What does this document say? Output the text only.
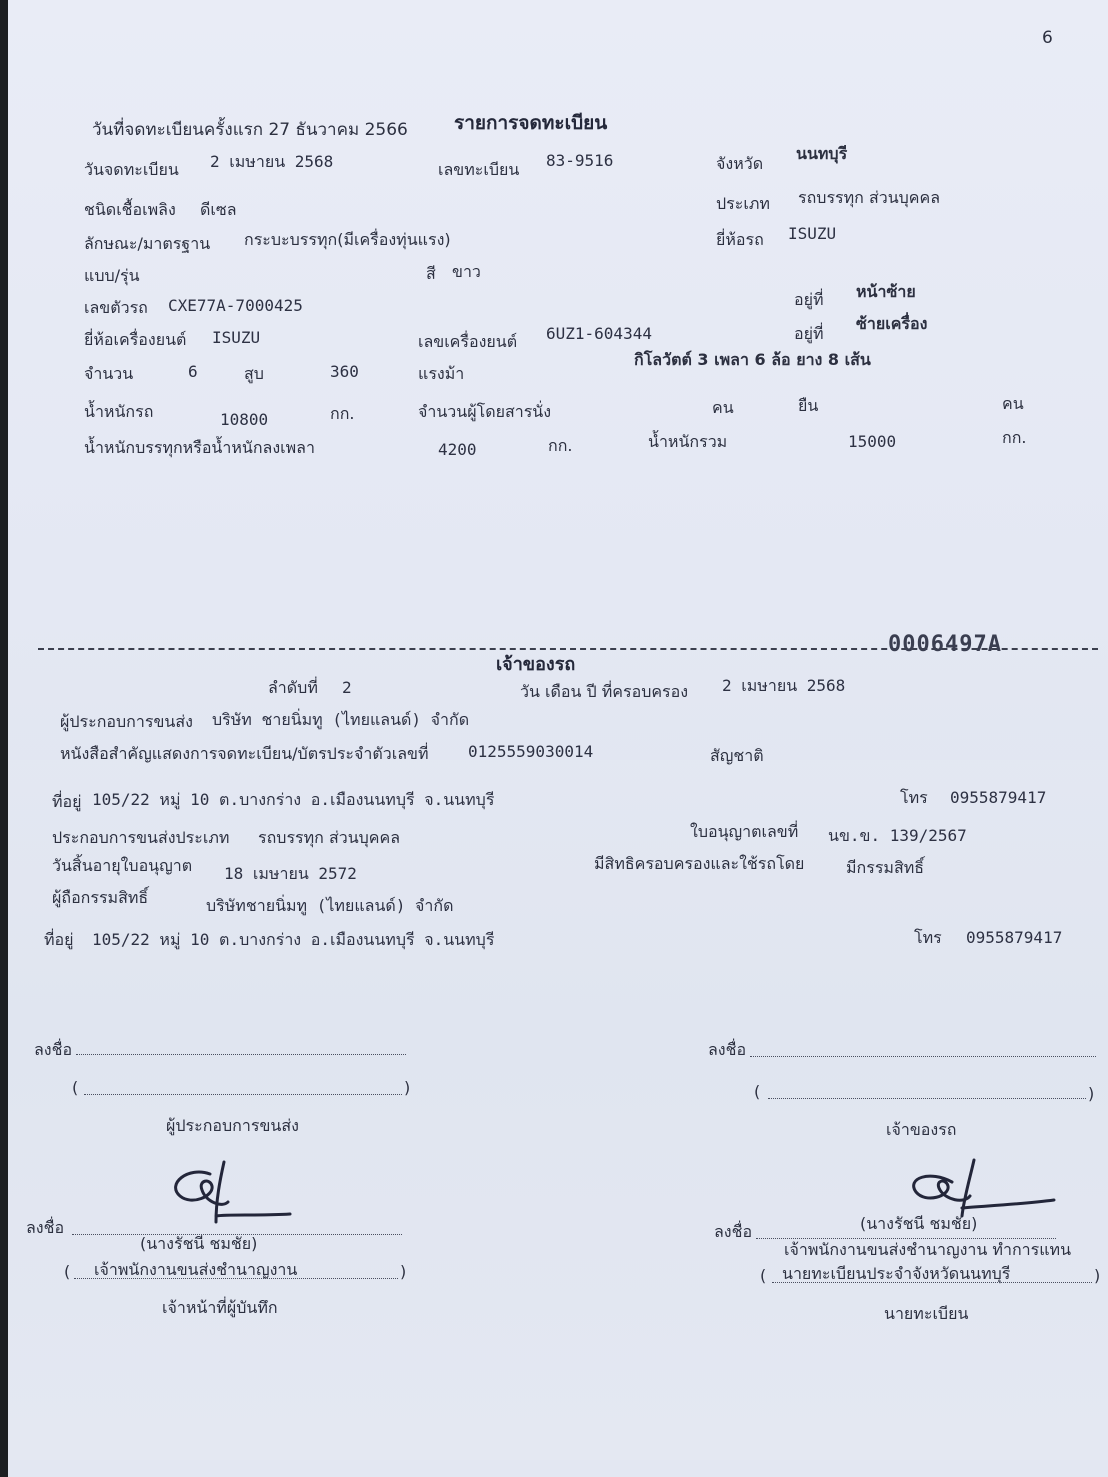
6
วันที่จดทะเบียนครั้งแรก 27 ธันวาคม 2566 รายการจดทะเบียน
วันจดทะเบียน 2 เมษายน 2568	เลขทะเบียน 83-9516	จังหวัด
นนทบุรี
ชนิดเชื้อเพลิง ดีเซล	ประเภท รถบรรทุก ส่วนบุคคล
ลักษณะ/มาตรฐาน กระบะบรรทุก(มีเครื่องทุ่นแรง)	ยี่ห้อรถ ISUZU
แบบ/รุ่น	สี ขาว
เลขตัวรถ CXE77A-7000425	อยู่ที่ หน้าซ้าย
ยี่ห้อเครื่องยนต์ ISUZU	เลขเครื่องยนต์ 6UZ1-604344	อยู่ที่
ซ้ายเครื่อง
จำนวน	6	สูบ	360	แรงม้า
กิโลวัตต์ 3 เพลา 6 ล้อ ยาง 8 เส้น
น้ำหนักรถ	10800	กก.	จำนวนผู้โดยสารนั่ง	คน	ยืน	คน
น้ำหนักบรรทุกหรือน้ำหนักลงเพลา	4200	กก.	น้ำหนักรวม	15000	กก.
0006497A
เจ้าของรถ
ลำดับที่ 2	วัน เดือน ปี ที่ครอบครอง 2 เมษายน 2568
ผู้ประกอบการขนส่ง บริษัท ชายนิ่มทู (ไทยแลนด์) จำกัด
หนังสือสำคัญแสดงการจดทะเบียน/บัตรประจำตัวเลขที่ 0125559030014	สัญชาติ
ที่อยู่ 105/22 หมู่ 10 ต.บางกร่าง อ.เมืองนนทบุรี จ.นนทบุรี	โทร 0955879417
ประกอบการขนส่งประเภท รถบรรทุก ส่วนบุคคล	ใบอนุญาตเลขที่ นข.ข. 139/2567
วันสิ้นอายุใบอนุญาต 18 เมษายน 2572
มีสิทธิครอบครองและใช้รถโดย	มีกรรมสิทธิ์
ผู้ถือกรรมสิทธิ์	บริษัทชายนิ่มทู (ไทยแลนด์) จำกัด
ที่อยู่ 105/22 หมู่ 10 ต.บางกร่าง อ.เมืองนนทบุรี จ.นนทบุรี	โทร 0955879417
ลงชื่อ
(	)
ผู้ประกอบการขนส่ง
ลงชื่อ
(	)
เจ้าของรถ
ลงชื่อ
(นางรัชนี ชมชัย)
( เจ้าพนักงานขนส่งชำนาญงาน	)
เจ้าหน้าที่ผู้บันทึก
ลงชื่อ	(นางรัชนี ชมชัย)
เจ้าพนักงานขนส่งชำนาญงาน ทำการแทน
( นายทะเบียนประจำจังหวัดนนทบุรี	)
นายทะเบียน
